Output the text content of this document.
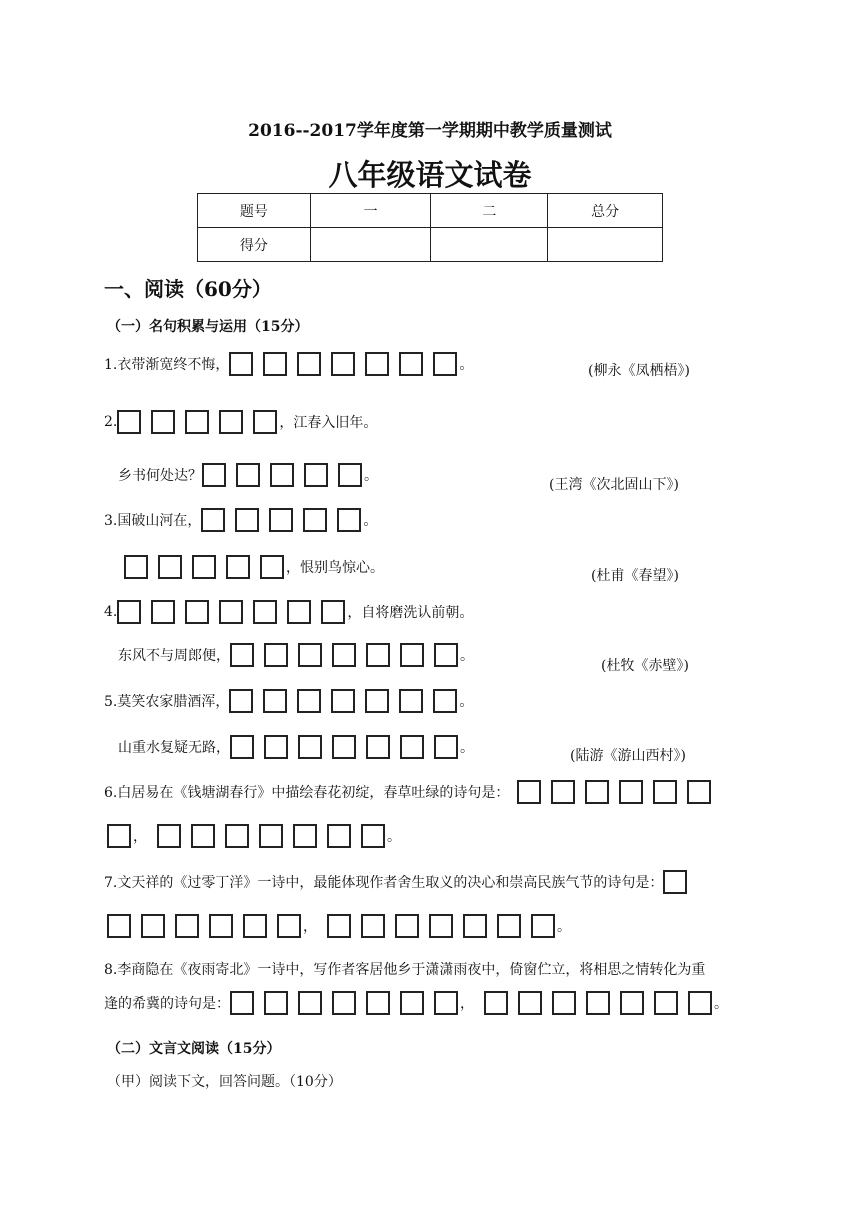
2016--2017学年度第一学期期中教学质量测试
八年级语文试卷
题号	一	二	总分
得分			
一、阅读（60分）
（一）名句积累与运用（15分）
1.衣带渐宽终不悔，	。	(柳永《凤栖梧》)
2.	，江春入旧年。
乡书何处达？	。
(王湾《次北固山下》)
3.国破山河在，	。
，恨别鸟惊心。	(杜甫《春望》)
4.	，自将磨洗认前朝。
东风不与周郎便，	。
(杜牧《赤壁》)
5.莫笑农家腊酒浑，	。
山重水复疑无路，	。	(陆游《游山西村》)
6.白居易在《钱塘湖春行》中描绘春花初绽，春草吐绿的诗句是：
，	。
7.文天祥的《过零丁洋》一诗中，最能体现作者舍生取义的决心和崇高民族气节的诗句是：
，	。
8.李商隐在《夜雨寄北》一诗中，写作者客居他乡于潇潇雨夜中，倚窗伫立，将相思之情转化为重
逢的希冀的诗句是：	，	。
（二）文言文阅读（15分）
（甲）阅读下文，回答问题。（10分）
